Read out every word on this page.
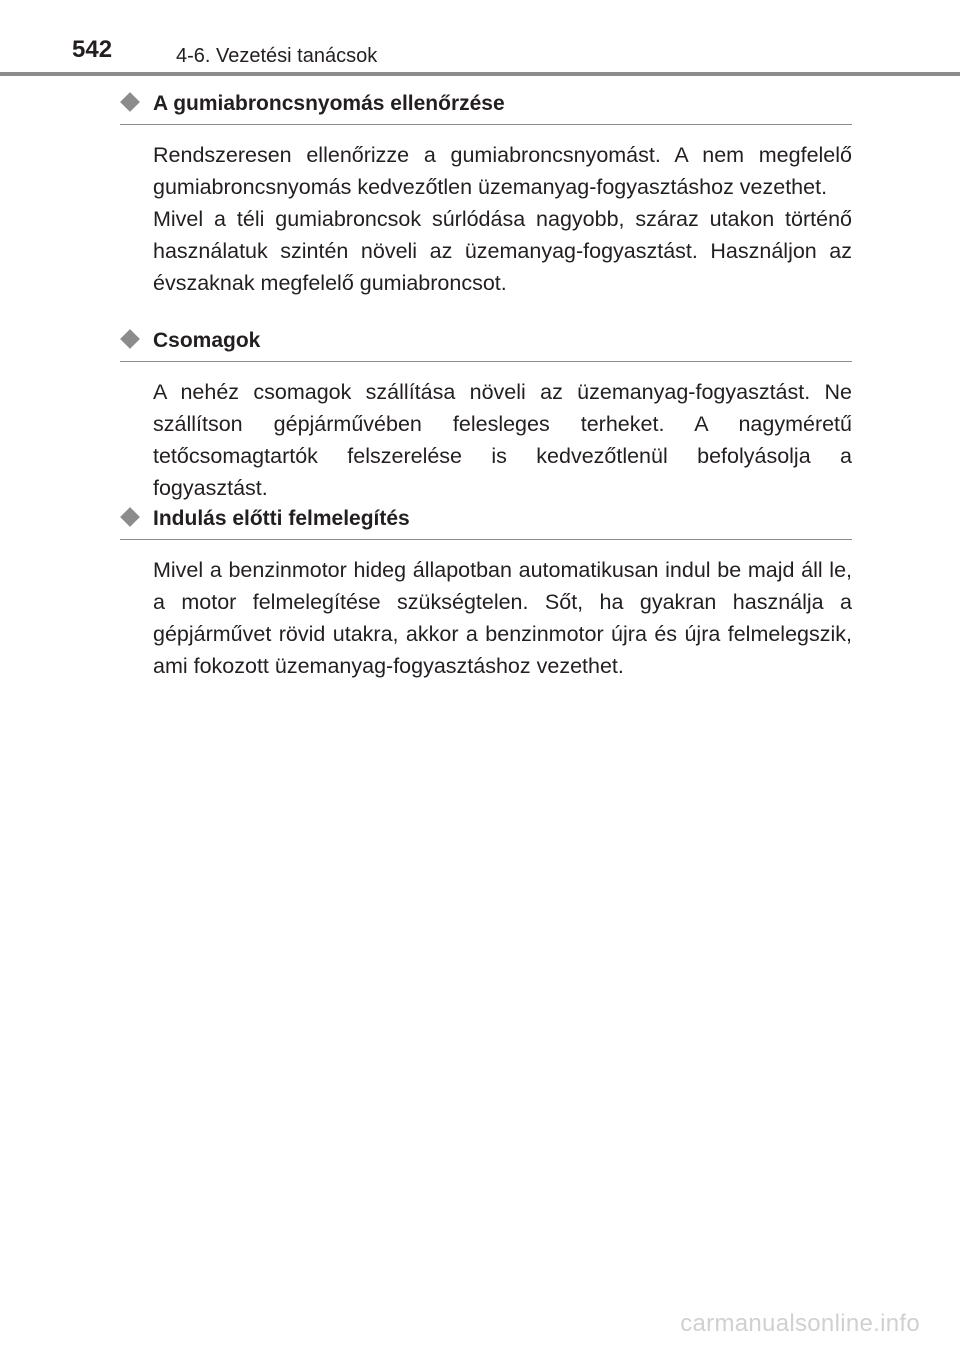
542	4-6. Vezetési tanácsok
A gumiabroncsnyomás ellenőrzése

Rendszeresen ellenőrizze a gumiabroncsnyomást. A nem megfelelő gumiabroncsnyomás kedvezőtlen üzemanyag-fogyasztáshoz vezethet.

Mivel a téli gumiabroncsok súrlódása nagyobb, száraz utakon történő használatuk szintén növeli az üzemanyag-fogyasztást. Használjon az évszaknak megfelelő gumiabroncsot.

Csomagok

A nehéz csomagok szállítása növeli az üzemanyag-fogyasztást. Ne szállítson gépjárművében felesleges terheket. A nagyméretű tetőcsomagtartók felszerelése is kedvezőtlenül befolyásolja a fogyasztást.

Indulás előtti felmelegítés

Mivel a benzinmotor hideg állapotban automatikusan indul be majd áll le, a motor felmelegítése szükségtelen. Sőt, ha gyakran használja a gépjárművet rövid utakra, akkor a benzinmotor újra és újra felmelegszik, ami fokozott üzemanyag-fogyasztáshoz vezethet.

carmanualsonline.info
